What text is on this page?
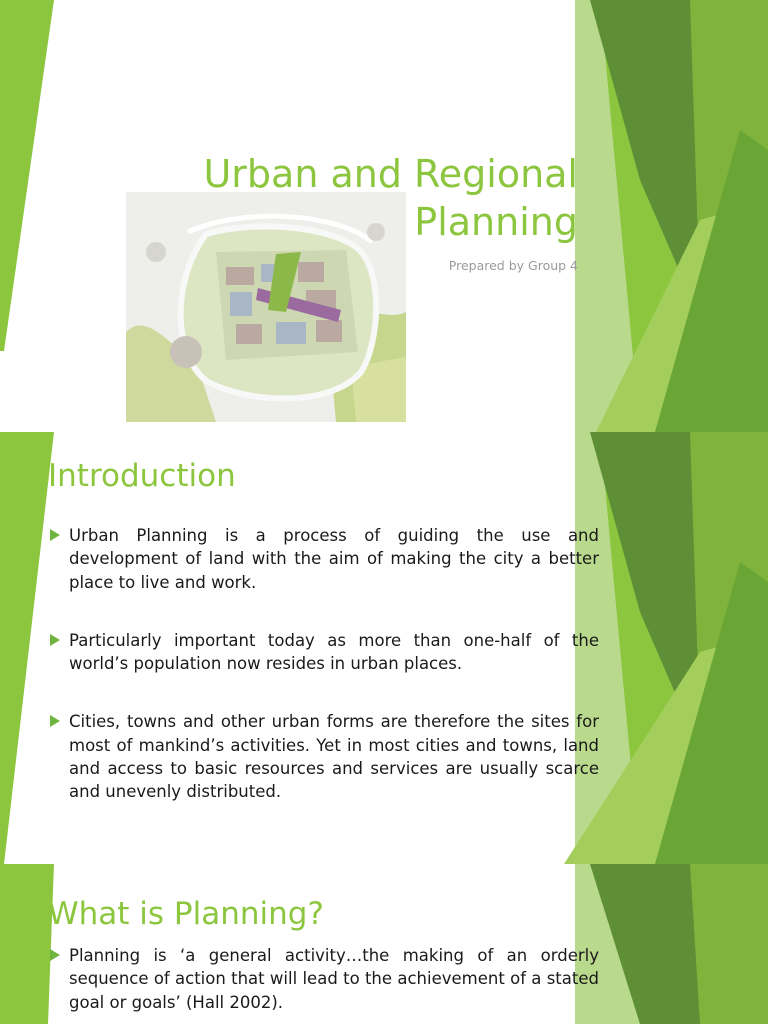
Urban and Regional
Planning

Prepared by Group 4

Introduction
Urban Planning is a process of guiding the use and development of land with the aim of making the city a better place to live and work.
Particularly important today as more than one-half of the world’s population now resides in urban places.
Cities, towns and other urban forms are therefore the sites for most of mankind’s activities. Yet in most cities and towns, land and access to basic resources and services are usually scarce and unevenly distributed.
What is Planning?
Planning is ‘a general activity…the making of an orderly sequence of action that will lead to the achievement of a stated goal or goals’ (Hall 2002).
